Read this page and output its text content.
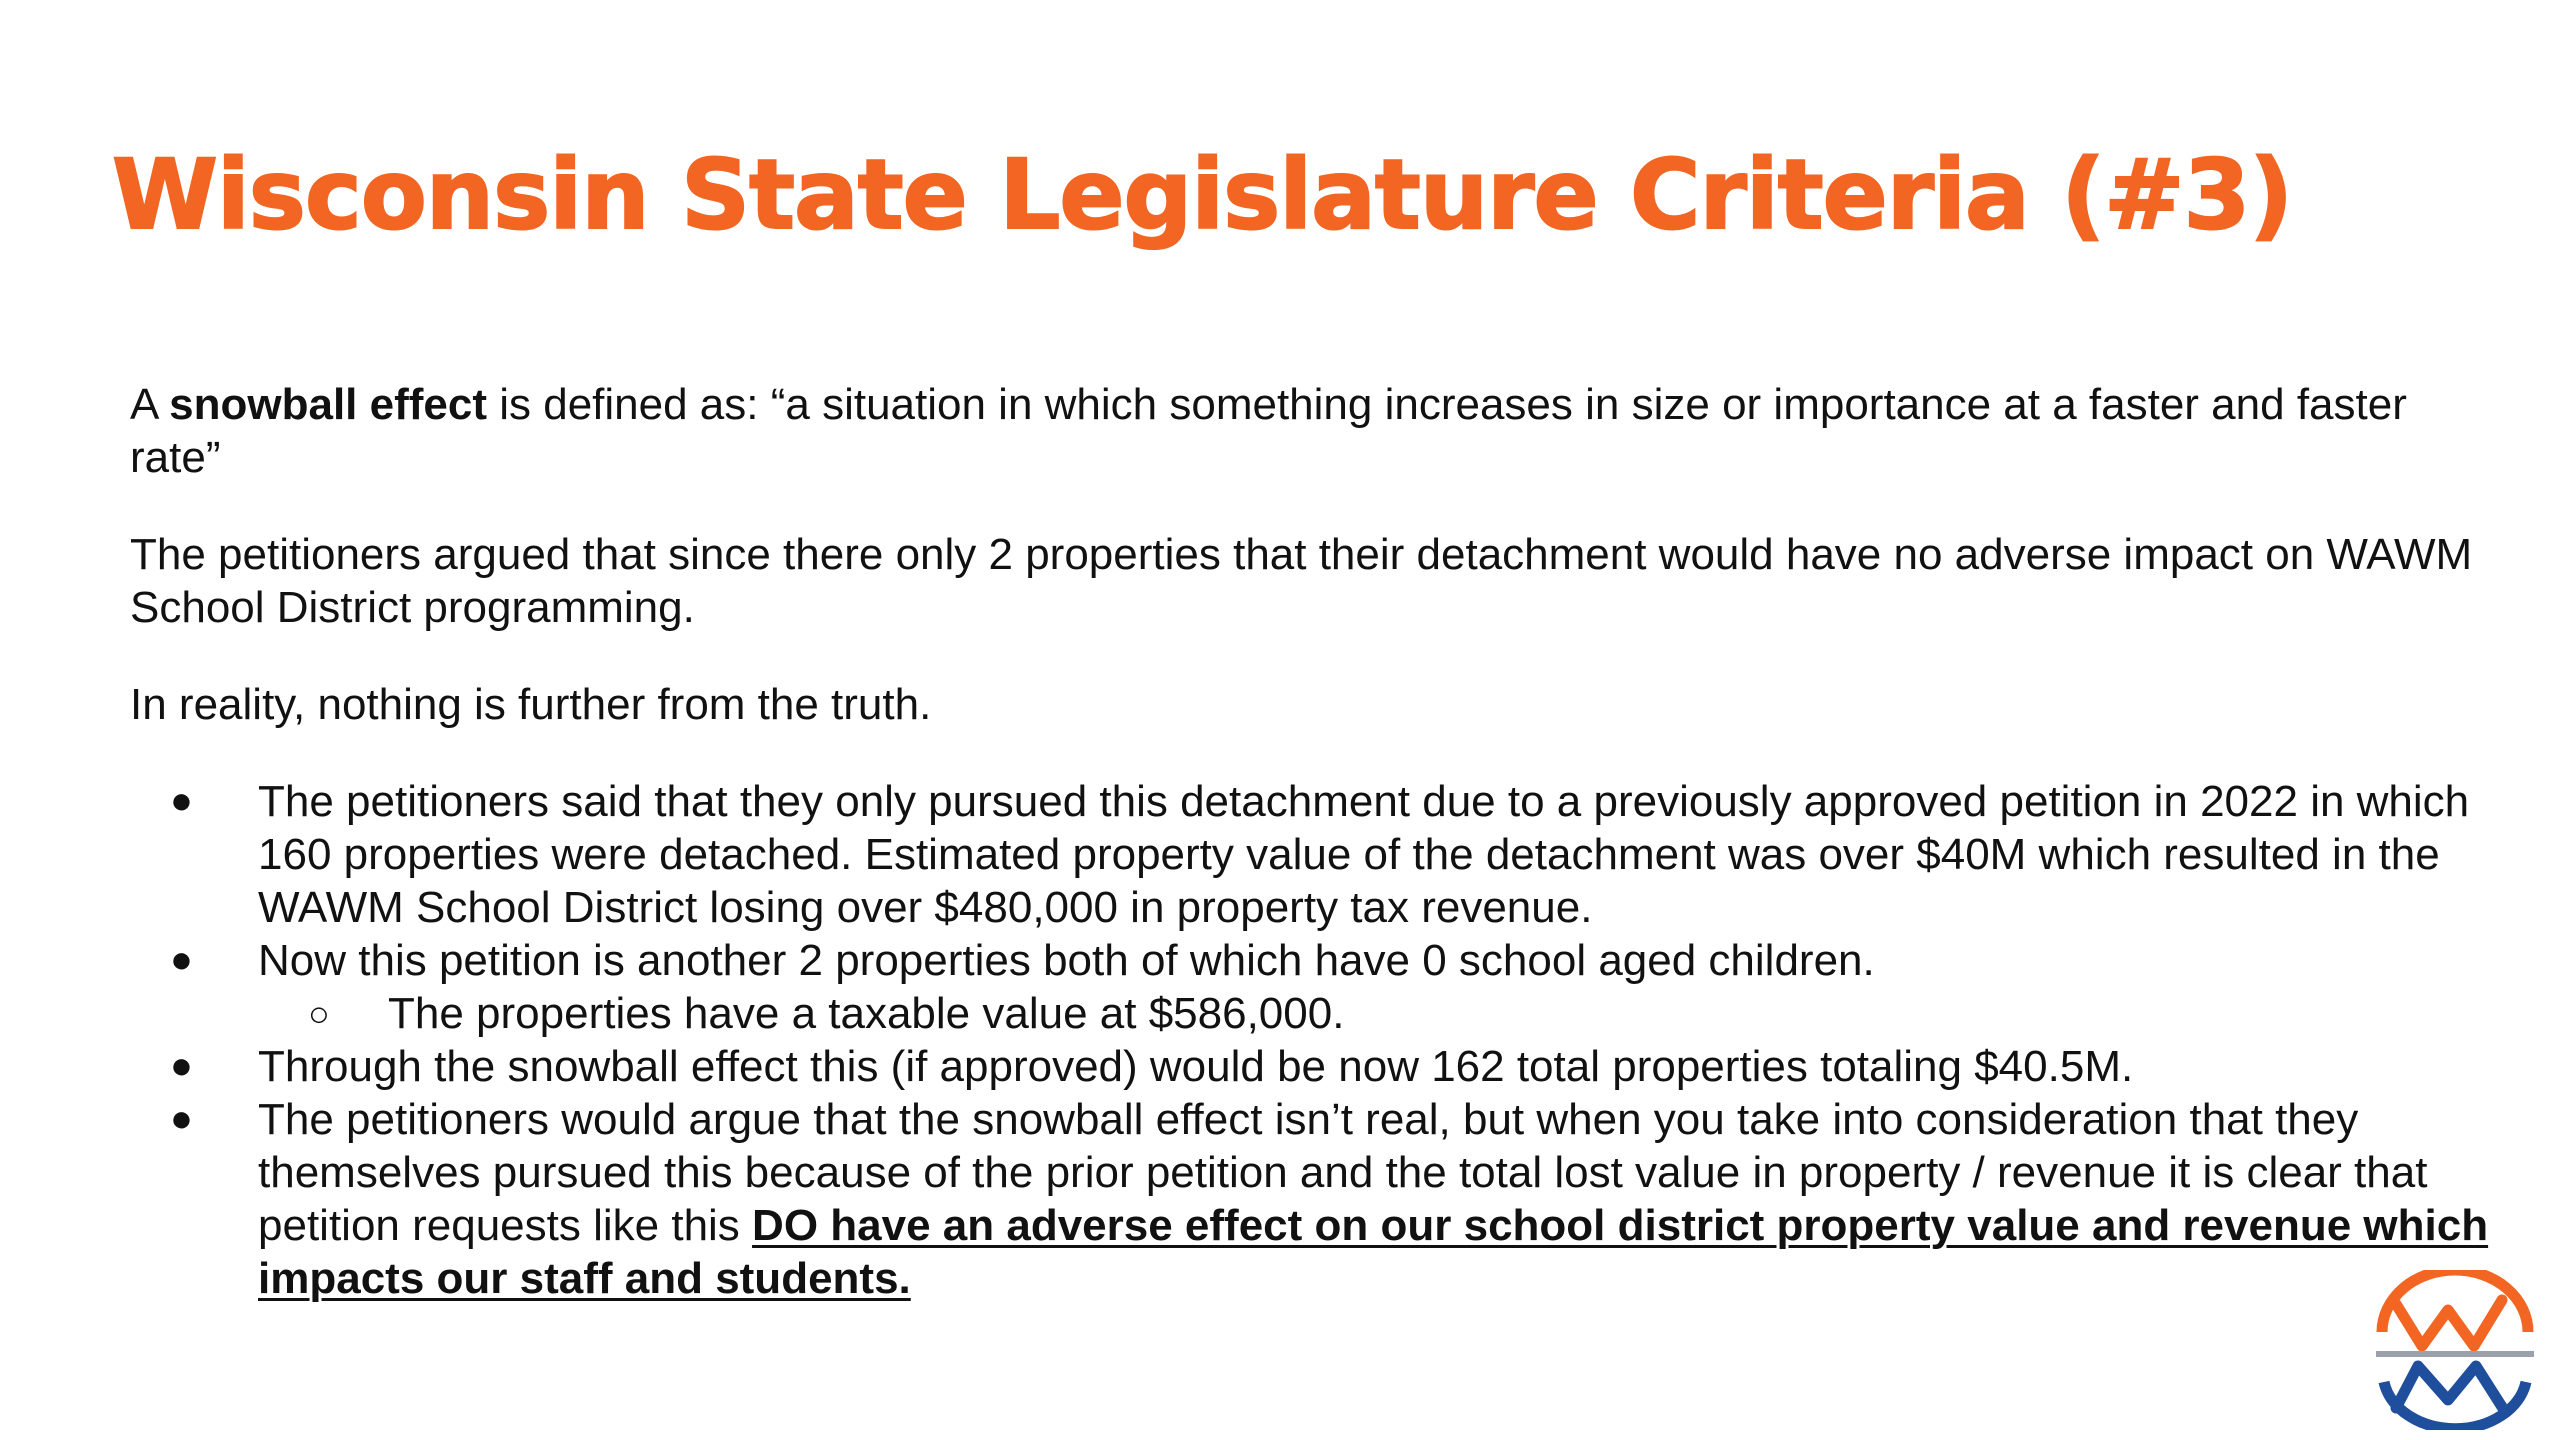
Wisconsin State Legislature Criteria (#3)

A snowball effect is defined as: “a situation in which something increases in size or importance at a faster and faster rate”

The petitioners argued that since there only 2 properties that their detachment would have no adverse impact on WAWM School District programming.

In reality, nothing is further from the truth.

● The petitioners said that they only pursued this detachment due to a previously approved petition in 2022 in which 160 properties were detached. Estimated property value of the detachment was over $40M which resulted in the WAWM School District losing over $480,000 in property tax revenue.
● Now this petition is another 2 properties both of which have 0 school aged children.
○ The properties have a taxable value at $586,000.
● Through the snowball effect this (if approved) would be now 162 total properties totaling $40.5M.
● The petitioners would argue that the snowball effect isn’t real, but when you take into consideration that they themselves pursued this because of the prior petition and the total lost value in property / revenue it is clear that petition requests like this DO have an adverse effect on our school district property value and revenue which impacts our staff and students.
